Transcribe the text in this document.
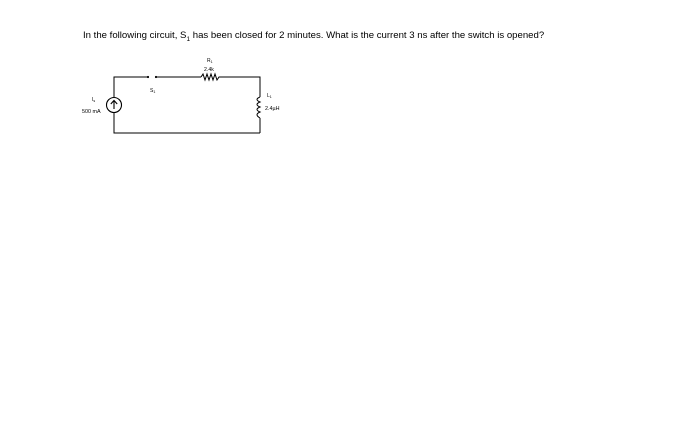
In the following circuit, $S_1$ has been closed for 2 minutes. What is the current 3 ns after the switch is opened?
$S_1$
$R_1$
2.4k
$I_s$
500 mA
$L_1$
2.4µH
